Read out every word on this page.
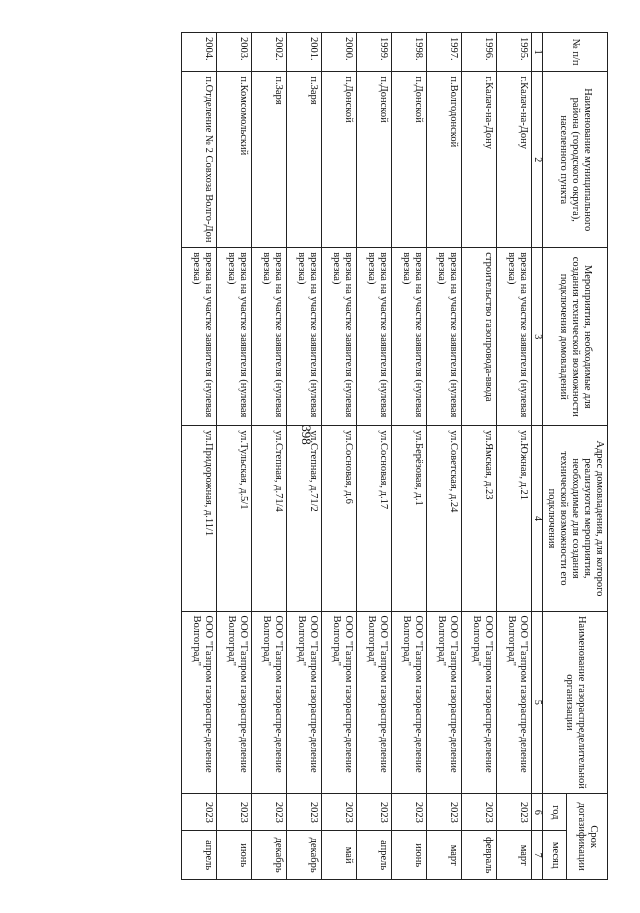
398
№ п/п	Наименование муниципального района (городского округа), населенного пункта	Мероприятия, необходимые для создания технической возможности подключения домовладений	Адрес домовладения, для которого реализуются мероприятия, необходимые для создания технической возможности его подключения	Наименование газораспределительной организации	Срок догазификации	
					год	месяц
1	2	3	4	5	6	7
1995.	г.Калач-на-Дону	врезка на участке заявителя (нулевая врезка)	ул.Южная, д.21	ООО "Газпром газораспре-деление Волгоград"	2023	март
1996.	г.Калач-на-Дону	строительство газопровода-ввода	ул.Ямская, д.23	ООО "Газпром газораспре-деление Волгоград"	2023	февраль
1997.	п.Волгодонской	врезка на участке заявителя (нулевая врезка)	ул.Советская, д.24	ООО "Газпром газораспре-деление Волгоград"	2023	март
1998.	п.Донской	врезка на участке заявителя (нулевая врезка)	ул.Берёзовая, д.1	ООО "Газпром газораспре-деление Волгоград"	2023	июнь
1999.	п.Донской	врезка на участке заявителя (нулевая врезка)	ул.Сосновая, д.17	ООО "Газпром газораспре-деление Волгоград"	2023	апрель
2000.	п.Донской	врезка на участке заявителя (нулевая врезка)	ул.Сосновая, д.6	ООО "Газпром газораспре-деление Волгоград"	2023	май
2001.	п.Заря	врезка на участке заявителя (нулевая врезка)	ул.Степная, д.71/2	ООО "Газпром газораспре-деление Волгоград"	2023	декабрь
2002.	п.Заря	врезка на участке заявителя (нулевая врезка)	ул.Степная, д.71/4	ООО "Газпром газораспре-деление Волгоград"	2023	декабрь
2003.	п.Комсомольский	врезка на участке заявителя (нулевая врезка)	ул.Тульская, д.5/1	ООО "Газпром газораспре-деление Волгоград"	2023	июнь
2004.	п.Отделение № 2 Совхоза Волго-Дон	врезка на участке заявителя (нулевая врезка)	ул.Придорожная, д.11/1	ООО "Газпром газораспре-деление Волгоград"	2023	апрель
